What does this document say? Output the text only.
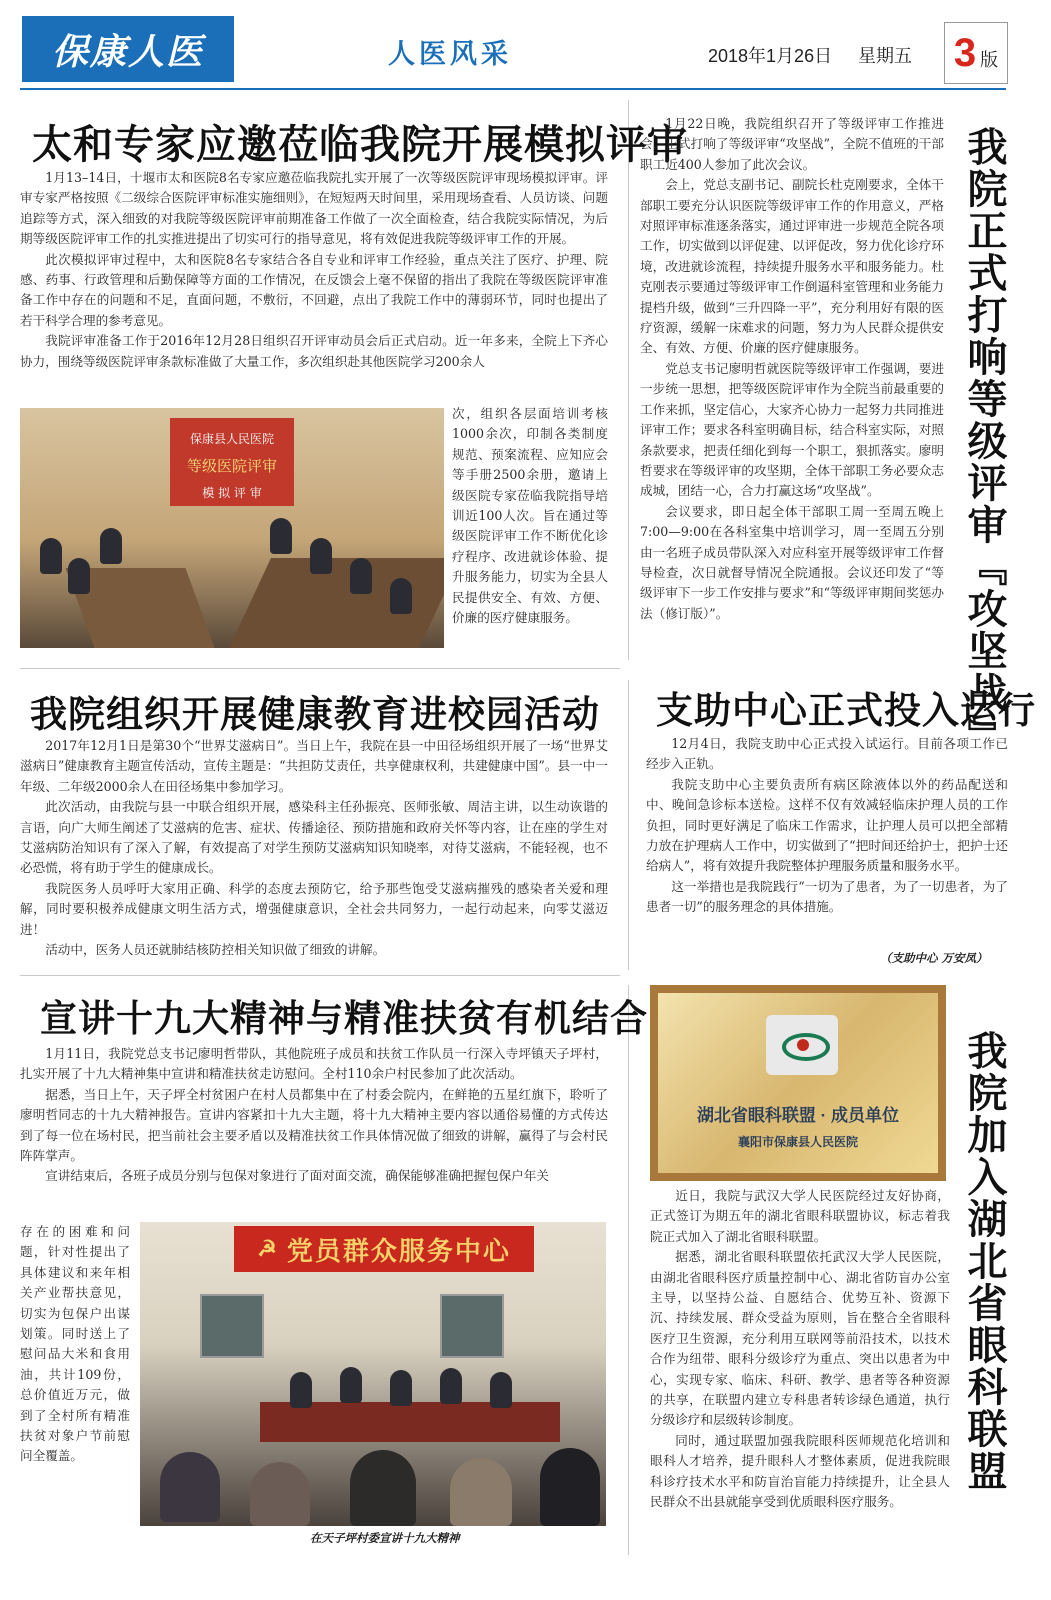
保康人医	人医风采	2018年1月26日 星期五 3 版
太和专家应邀莅临我院开展模拟评审

1月13–14日，十堰市太和医院8名专家应邀莅临我院扎实开展了一次等级医院评审现场模拟评审。评审专家严格按照《二级综合医院评审标准实施细则》，在短短两天时间里，采用现场查看、人员访谈、问题追踪等方式，深入细致的对我院等级医院评审前期准备工作做了一次全面检查，结合我院实际情况，为后期等级医院评审工作的扎实推进提出了切实可行的指导意见，将有效促进我院等级评审工作的开展。

此次模拟评审过程中，太和医院8名专家结合各自专业和评审工作经验，重点关注了医疗、护理、院感、药事、行政管理和后勤保障等方面的工作情况，在反馈会上毫不保留的指出了我院在等级医院评审准备工作中存在的问题和不足，直面问题，不敷衍，不回避，点出了我院工作中的薄弱环节，同时也提出了若干科学合理的参考意见。

我院评审准备工作于2016年12月28日组织召开评审动员会后正式启动。近一年多来，全院上下齐心协力，围绕等级医院评审条款标准做了大量工作，多次组织赴其他医院学习200余人

保康县人民医院
等级医院评审
模 拟 评 审

次，组织各层面培训考核1000余次，印制各类制度规范、预案流程、应知应会等手册2500余册，邀请上级医院专家莅临我院指导培训近100人次。旨在通过等级医院评审工作不断优化诊疗程序、改进就诊体验、提升服务能力，切实为全县人民提供安全、有效、方便、价廉的医疗健康服务。

1月22日晚，我院组织召开了等级评审工作推进会，正式打响了等级评审“攻坚战”，全院不值班的干部职工近400人参加了此次会议。

会上，党总支副书记、副院长杜克刚要求，全体干部职工要充分认识医院等级评审工作的作用意义，严格对照评审标准逐条落实，通过评审进一步规范全院各项工作，切实做到以评促建、以评促改，努力优化诊疗环境，改进就诊流程，持续提升服务水平和服务能力。杜克刚表示要通过等级评审工作倒逼科室管理和业务能力提档升级，做到“三升四降一平”，充分利用好有限的医疗资源，缓解一床难求的问题，努力为人民群众提供安全、有效、方便、价廉的医疗健康服务。

党总支书记廖明哲就医院等级评审工作强调，要进一步统一思想，把等级医院评审作为全院当前最重要的工作来抓，坚定信心，大家齐心协力一起努力共同推进评审工作；要求各科室明确目标，结合科室实际，对照条款要求，把责任细化到每一个职工，狠抓落实。廖明哲要求在等级评审的攻坚期，全体干部职工务必要众志成城，团结一心，合力打赢这场“攻坚战”。

会议要求，即日起全体干部职工周一至周五晚上7:00—9:00在各科室集中培训学习，周一至周五分别由一名班子成员带队深入对应科室开展等级评审工作督导检查，次日就督导情况全院通报。会议还印发了“等级评审下一步工作安排与要求”和“等级评审期间奖惩办法（修订版）”。	我院正式打响等级评审『攻坚战』
我院组织开展健康教育进校园活动

2017年12月1日是第30个“世界艾滋病日”。当日上午，我院在县一中田径场组织开展了一场“世界艾滋病日”健康教育主题宣传活动，宣传主题是：“共担防艾责任，共享健康权利，共建健康中国”。县一中一年级、二年级2000余人在田径场集中参加学习。

此次活动，由我院与县一中联合组织开展，感染科主任孙振亮、医师张敏、周洁主讲，以生动诙谐的言语，向广大师生阐述了艾滋病的危害、症状、传播途径、预防措施和政府关怀等内容，让在座的学生对艾滋病防治知识有了深入了解，有效提高了对学生预防艾滋病知识知晓率，对待艾滋病，不能轻视，也不必恐慌，将有助于学生的健康成长。

我院医务人员呼吁大家用正确、科学的态度去预防它，给予那些饱受艾滋病摧残的感染者关爱和理解，同时要积极养成健康文明生活方式，增强健康意识，全社会共同努力，一起行动起来，向零艾滋迈进！

活动中，医务人员还就肺结核防控相关知识做了细致的讲解。

支助中心正式投入运行

12月4日，我院支助中心正式投入试运行。目前各项工作已经步入正轨。

我院支助中心主要负责所有病区除液体以外的药品配送和中、晚间急诊标本送检。这样不仅有效减轻临床护理人员的工作负担，同时更好满足了临床工作需求，让护理人员可以把全部精力放在护理病人工作中，切实做到了“把时间还给护士，把护士还给病人”，将有效提升我院整体护理服务质量和服务水平。

这一举措也是我院践行“一切为了患者，为了一切患者，为了患者一切”的服务理念的具体措施。

（支助中心 万安凤）
宣讲十九大精神与精准扶贫有机结合

1月11日，我院党总支书记廖明哲带队，其他院班子成员和扶贫工作队员一行深入寺坪镇天子坪村，扎实开展了十九大精神集中宣讲和精准扶贫走访慰问。全村110余户村民参加了此次活动。

据悉，当日上午，天子坪全村贫困户在村人员都集中在了村委会院内，在鲜艳的五星红旗下，聆听了廖明哲同志的十九大精神报告。宣讲内容紧扣十九大主题，将十九大精神主要内容以通俗易懂的方式传达到了每一位在场村民，把当前社会主要矛盾以及精准扶贫工作具体情况做了细致的讲解，赢得了与会村民阵阵掌声。

宣讲结束后，各班子成员分别与包保对象进行了面对面交流，确保能够准确把握包保户年关

存在的困难和问题，针对性提出了具体建议和来年相关产业帮扶意见，切实为包保户出谋划策。同时送上了慰问品大米和食用油，共计109份，总价值近万元，做到了全村所有精准扶贫对象户节前慰问全覆盖。

☭ 党员群众服务中心
在天子坪村委宣讲十九大精神
湖北省眼科联盟 · 成员单位
襄阳市保康县人民医院

近日，我院与武汉大学人民医院经过友好协商，正式签订为期五年的湖北省眼科联盟协议，标志着我院正式加入了湖北省眼科联盟。

据悉，湖北省眼科联盟依托武汉大学人民医院，由湖北省眼科医疗质量控制中心、湖北省防盲办公室主导，以坚持公益、自愿结合、优势互补、资源下沉、持续发展、群众受益为原则，旨在整合全省眼科医疗卫生资源，充分利用互联网等前沿技术，以技术合作为纽带、眼科分级诊疗为重点、突出以患者为中心，实现专家、临床、科研、教学、患者等各种资源的共享，在联盟内建立专科患者转诊绿色通道，执行分级诊疗和层级转诊制度。

同时，通过联盟加强我院眼科医师规范化培训和眼科人才培养，提升眼科人才整体素质，促进我院眼科诊疗技术水平和防盲治盲能力持续提升，让全县人民群众不出县就能享受到优质眼科医疗服务。

我院加入湖北省眼科联盟
